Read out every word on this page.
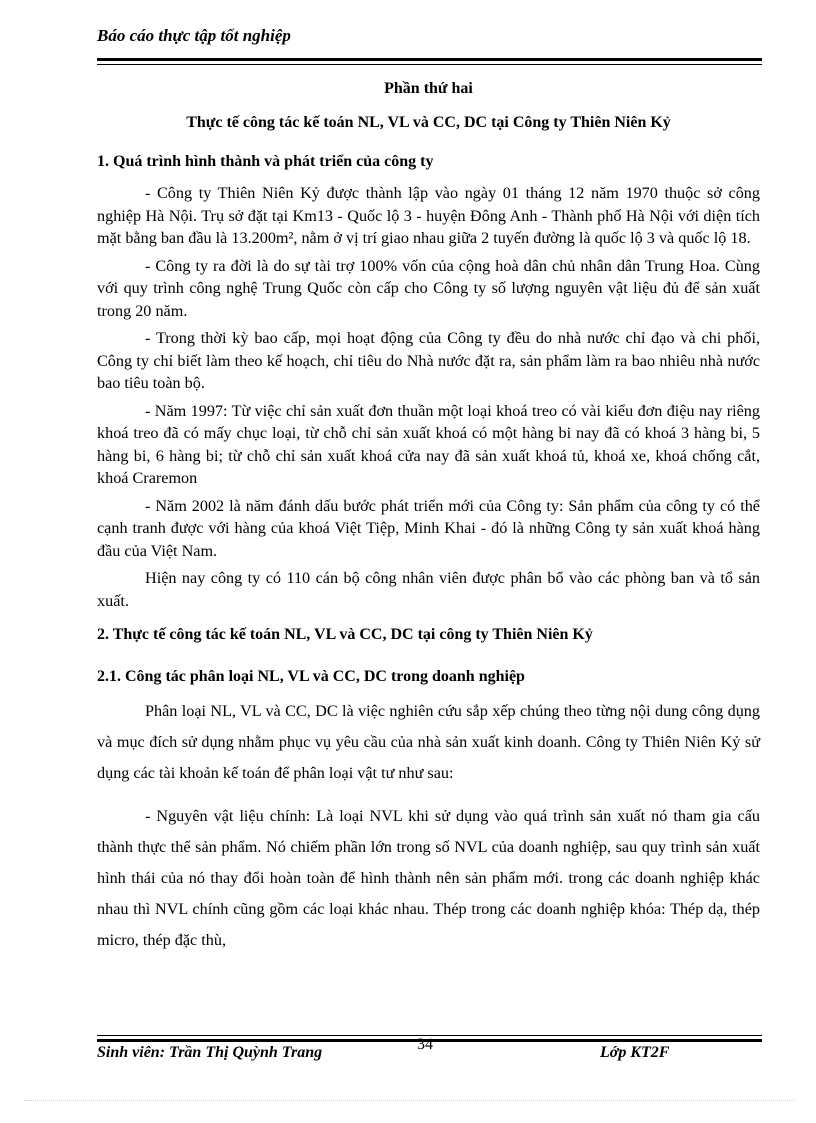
Báo cáo thực tập tốt nghiệp
Phần thứ hai
Thực tế công tác kế toán NL, VL và CC, DC tại Công ty Thiên Niên Kỷ
1. Quá trình hình thành và phát triển của công ty

- Công ty Thiên Niên Kỷ được thành lập vào ngày 01 tháng 12 năm 1970 thuộc sở công nghiệp Hà Nội. Trụ sở đặt tại Km13 - Quốc lộ 3 - huyện Đông Anh - Thành phố Hà Nội với diện tích mặt bằng ban đầu là 13.200m², nằm ở vị trí giao nhau giữa 2 tuyến đường là quốc lộ 3 và quốc lộ 18.

- Công ty ra đời là do sự tài trợ 100% vốn của cộng hoà dân chủ nhân dân Trung Hoa. Cùng với quy trình công nghệ Trung Quốc còn cấp cho Công ty số lượng nguyên vật liệu đủ để sản xuất trong 20 năm.

- Trong thời kỳ bao cấp, mọi hoạt động của Công ty đều do nhà nước chỉ đạo và chi phối, Công ty chỉ biết làm theo kế hoạch, chỉ tiêu do Nhà nước đặt ra, sản phẩm làm ra bao nhiêu nhà nước bao tiêu toàn bộ.

- Năm 1997: Từ việc chỉ sản xuất đơn thuần một loại khoá treo có vài kiểu đơn điệu nay riêng khoá treo đã có mấy chục loại, từ chỗ chỉ sản xuất khoá có một hàng bi nay đã có khoá 3 hàng bi, 5 hàng bi, 6 hàng bi; từ chỗ chỉ sản xuất khoá cửa nay đã sản xuất khoá tủ, khoá xe, khoá chống cắt, khoá Craremon

- Năm 2002 là năm đánh dấu bước phát triển mới của Công ty: Sản phẩm của công ty có thể cạnh tranh được với hàng của khoá Việt Tiệp, Minh Khai - đó là những Công ty sản xuất khoá hàng đầu của Việt Nam.

Hiện nay công ty có 110 cán bộ công nhân viên được phân bổ vào các phòng ban và tổ sản xuất.

2. Thực tế công tác kế toán NL, VL và CC, DC tại công ty Thiên Niên Kỷ
2.1. Công tác phân loại NL, VL và CC, DC trong doanh nghiệp

Phân loại NL, VL và CC, DC là việc nghiên cứu sắp xếp chúng theo từng nội dung công dụng và mục đích sử dụng nhằm phục vụ yêu cầu của nhà sản xuất kinh doanh. Công ty Thiên Niên Kỷ sử dụng các tài khoản kế toán để phân loại vật tư như sau:

- Nguyên vật liệu chính: Là loại NVL khi sử dụng vào quá trình sản xuất nó tham gia cấu thành thực thể sản phẩm. Nó chiếm phần lớn trong số NVL của doanh nghiệp, sau quy trình sản xuất hình thái của nó thay đổi hoàn toàn để hình thành nên sản phẩm mới. trong các doanh nghiệp khác nhau thì NVL chính cũng gồm các loại khác nhau. Thép trong các doanh nghiệp khóa: Thép dạ, thép micro, thép đặc thù,

Sinh viên: Trần Thị Quỳnh Trang	34	Lớp KT2F
